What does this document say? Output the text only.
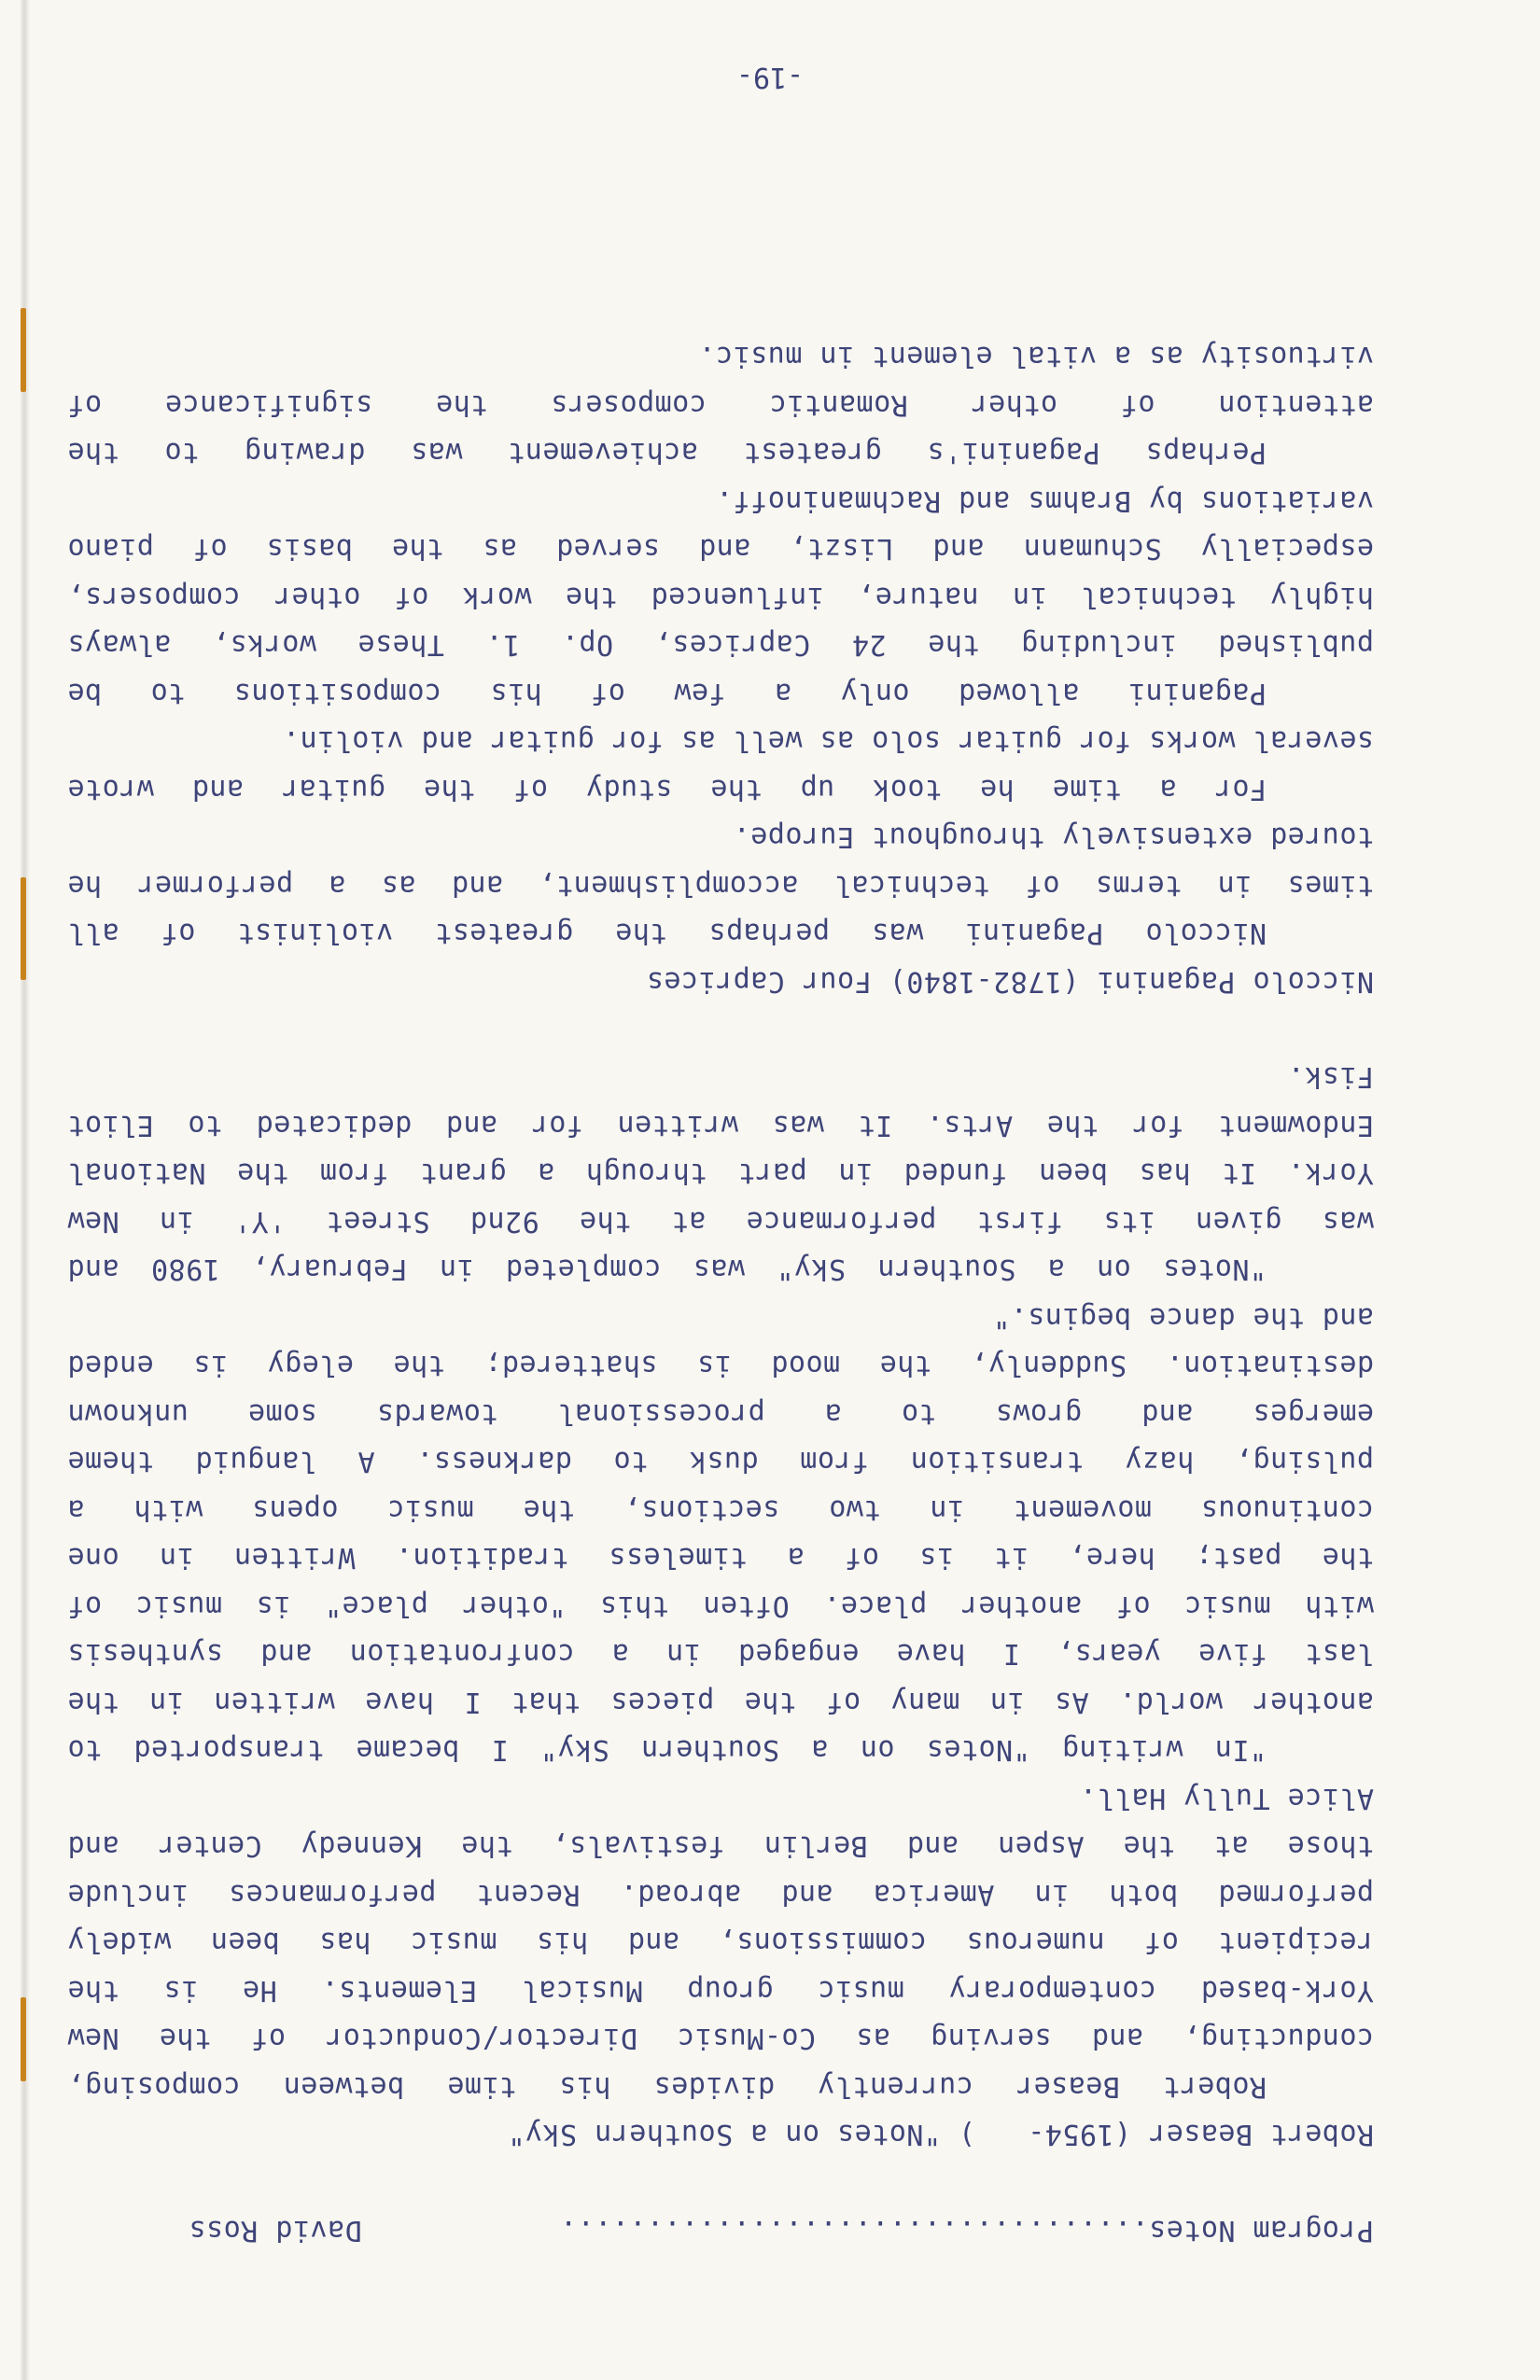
Program Notes..................................
David Ross
Robert Beaser (1954-   ) "Notes on a Southern Sky"

Robert Beaser currently divides his time between composing,
conducting, and serving as Co-Music Director/Conductor of the New
York-based contemporary music group Musical Elements. He is the
recipient of numerous commissions, and his music has been widely
performed both in America and abroad. Recent performances include
those at the Aspen and Berlin festivals, the Kennedy Center and
Alice Tully Hall.

"In writing "Notes on a Southern Sky" I became transported to
another world. As in many of the pieces that I have written in the
last five years, I have engaged in a confrontation and synthesis
with music of another place. Often this "other place" is music of
the past; here, it is of a timeless tradition. Written in one
continuous movement in two sections, the music opens with a
pulsing, hazy transition from dusk to darkness. A languid theme
emerges and grows to a processional towards some unknown
destination. Suddenly, the mood is shattered; the elegy is ended
and the dance begins."

"Notes on a Southern Sky" was completed in February, 1980 and
was given its first performance at the 92nd Street 'Y' in New
York. It has been funded in part through a grant from the National
Endowment for the Arts. It was written for and dedicated to Eliot
Fisk.

Niccolo Paganini (1782-1840) Four Caprices

Niccolo Paganini was perhaps the greatest violinist of all
times in terms of technical accomplishment, and as a performer he
toured extensively throughout Europe.

For a time he took up the study of the guitar and wrote
several works for guitar solo as well as for guitar and violin.

Paganini allowed only a few of his compositions to be
published including the 24 Caprices, Op. 1. These works, always
highly technical in nature, influenced the work of other composers,
especially Schumann and Liszt, and served as the basis of piano
variations by Brahms and Rachmaninoff.

Perhaps Paganini's greatest achievement was drawing to the
attention of other Romantic composers the significance of
virtuosity as a vital element in music.

-19-
